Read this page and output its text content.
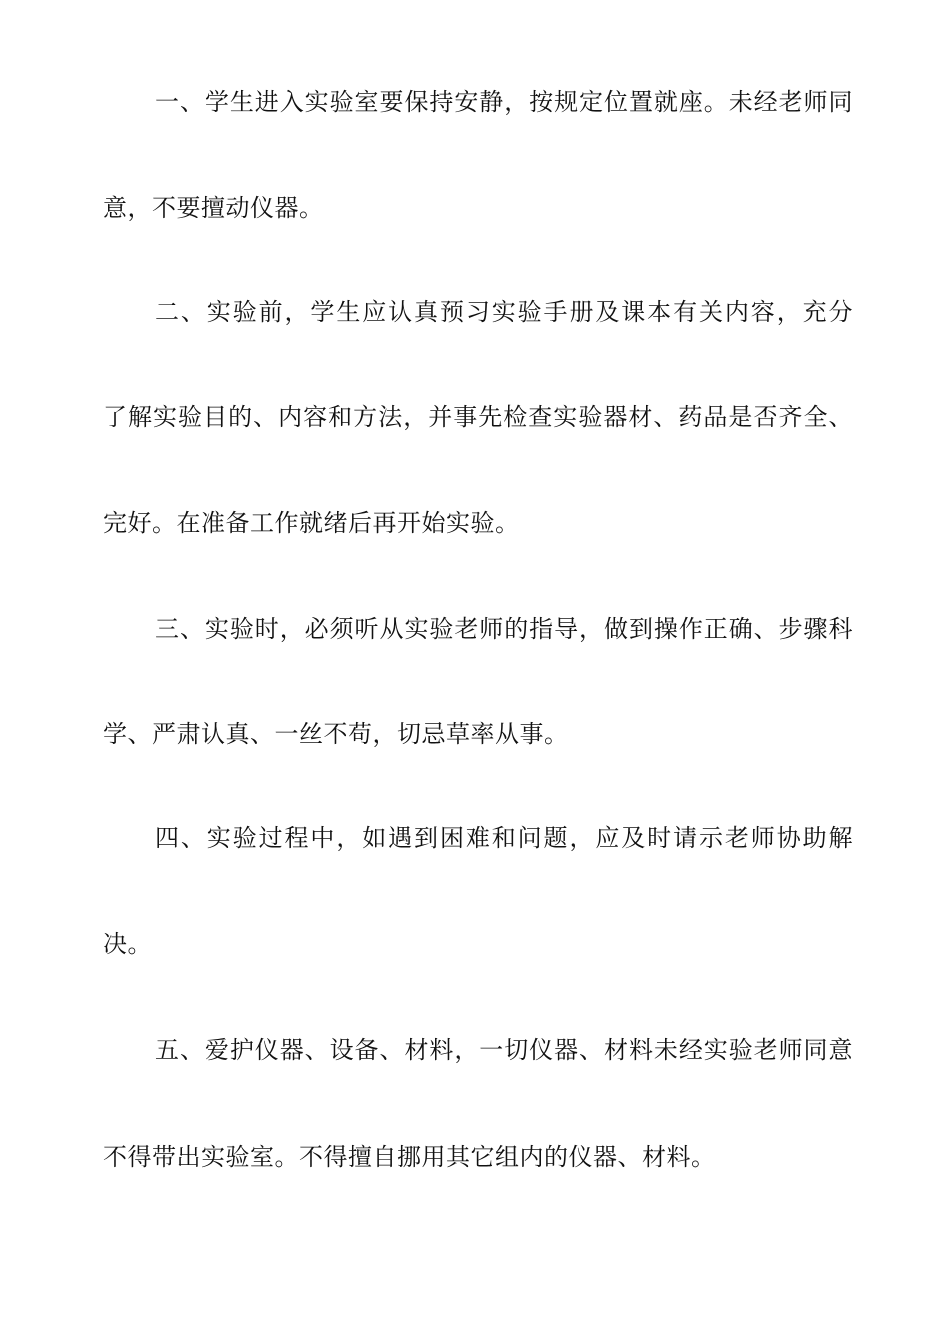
一、学生进入实验室要保持安静，按规定位置就座。未经老师同
意，不要擅动仪器。
二、实验前，学生应认真预习实验手册及课本有关内容，充分
了解实验目的、内容和方法，并事先检查实验器材、药品是否齐全、
完好。在准备工作就绪后再开始实验。
三、实验时，必须听从实验老师的指导，做到操作正确、步骤科
学、严肃认真、一丝不苟，切忌草率从事。
四、实验过程中，如遇到困难和问题，应及时请示老师协助解
决。
五、爱护仪器、设备、材料，一切仪器、材料未经实验老师同意
不得带出实验室。不得擅自挪用其它组内的仪器、材料。
